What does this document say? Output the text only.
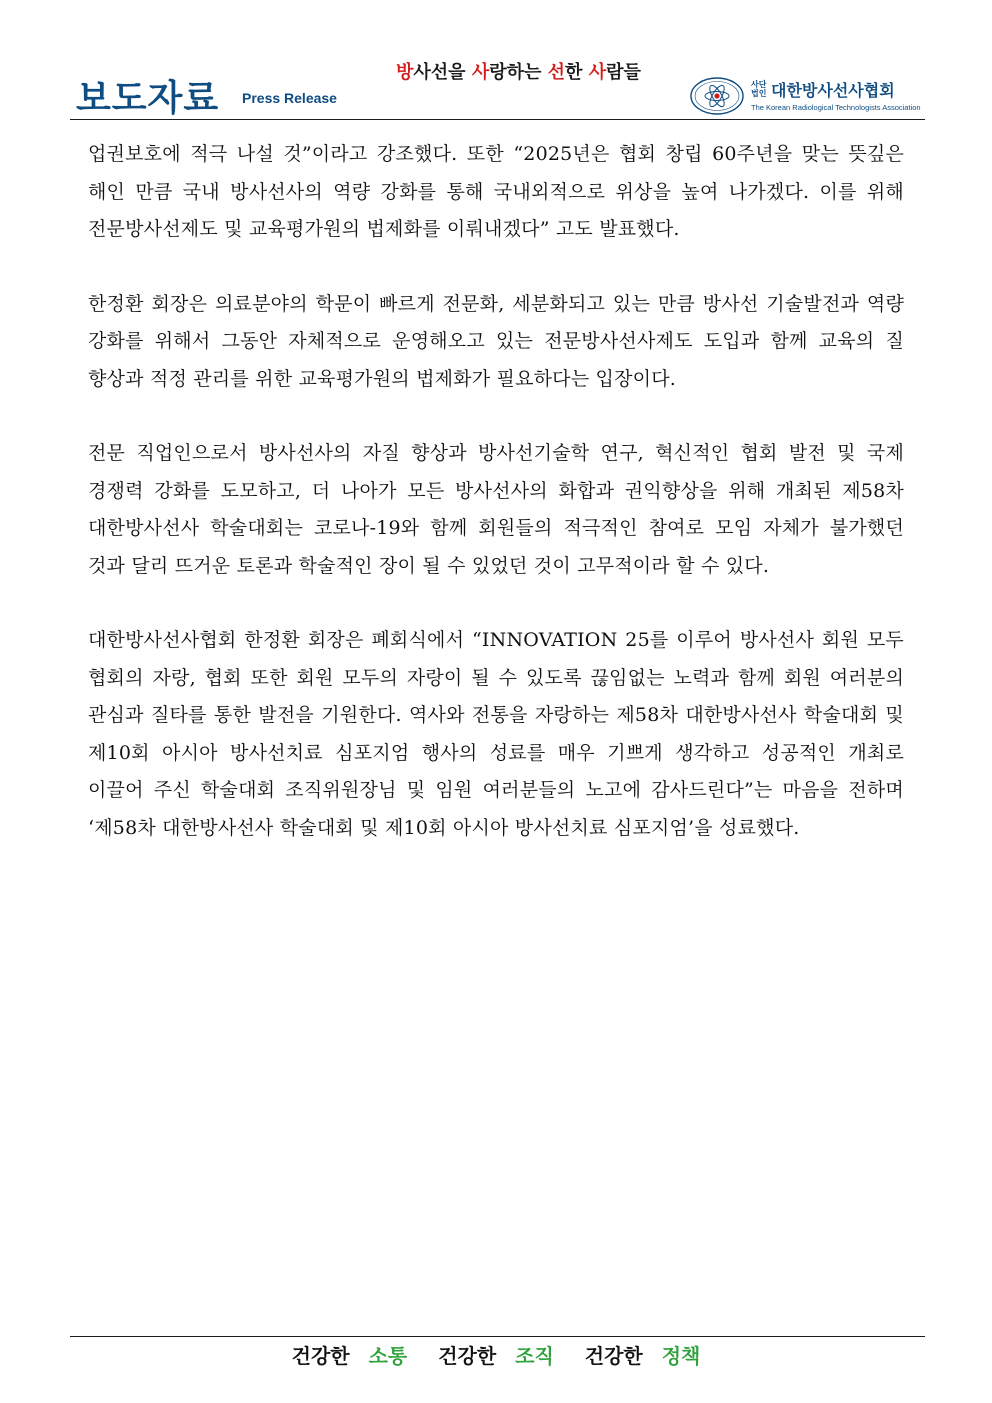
보도자료 Press Release
방사선을 사랑하는 선한 사람들
사단법인 대한방사선사협회
The Korean Radiological Technologists Association

업권보호에 적극 나설 것”이라고 강조했다. 또한 “2025년은 협회 창립 60주년을 맞는 뜻깊은 해인 만큼 국내 방사선사의 역량 강화를 통해 국내외적으로 위상을 높여 나가겠다. 이를 위해 전문방사선제도 및 교육평가원의 법제화를 이뤄내겠다” 고도 발표했다.

한정환 회장은 의료분야의 학문이 빠르게 전문화, 세분화되고 있는 만큼 방사선 기술발전과 역량 강화를 위해서 그동안 자체적으로 운영해오고 있는 전문방사선사제도 도입과 함께 교육의 질 향상과 적정 관리를 위한 교육평가원의 법제화가 필요하다는 입장이다.

전문 직업인으로서 방사선사의 자질 향상과 방사선기술학 연구, 혁신적인 협회 발전 및 국제 경쟁력 강화를 도모하고, 더 나아가 모든 방사선사의 화합과 권익향상을 위해 개최된 제58차 대한방사선사 학술대회는 코로나-19와 함께 회원들의 적극적인 참여로 모임 자체가 불가했던 것과 달리 뜨거운 토론과 학술적인 장이 될 수 있었던 것이 고무적이라 할 수 있다.

대한방사선사협회 한정환 회장은 폐회식에서 “INNOVATION 25를 이루어 방사선사 회원 모두 협회의 자랑, 협회 또한 회원 모두의 자랑이 될 수 있도록 끊임없는 노력과 함께 회원 여러분의 관심과 질타를 통한 발전을 기원한다. 역사와 전통을 자랑하는 제58차 대한방사선사 학술대회 및 제10회 아시아 방사선치료 심포지엄 행사의 성료를 매우 기쁘게 생각하고 성공적인 개최로 이끌어 주신 학술대회 조직위원장님 및 임원 여러분들의 노고에 감사드린다”는 마음을 전하며 ‘제58차 대한방사선사 학술대회 및 제10회 아시아 방사선치료 심포지엄’을 성료했다.

건강한 소통 건강한 조직 건강한 정책
